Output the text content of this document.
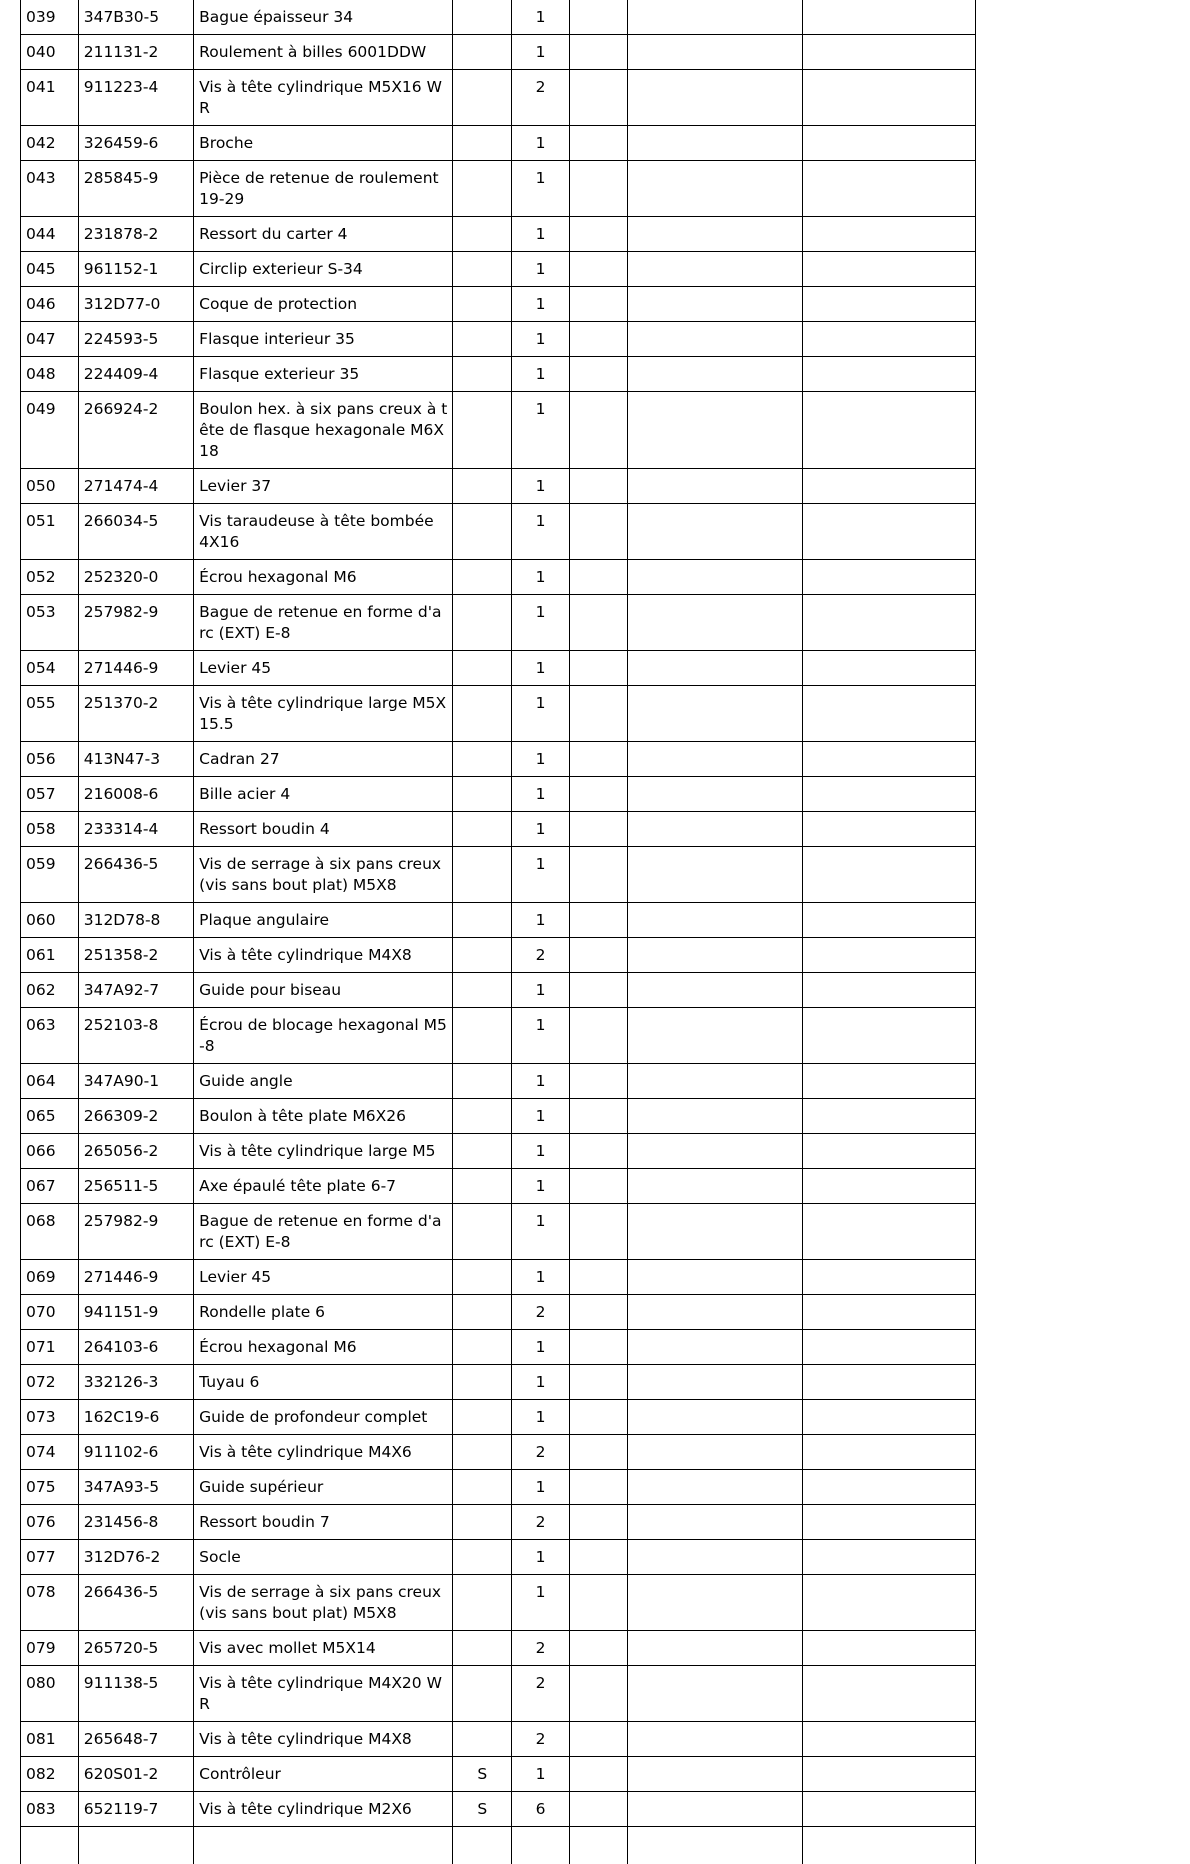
039	347B30-5	Bague épaisseur 34		1			
040	211131-2	Roulement à billes 6001DDW		1			
041	911223-4	Vis à tête cylindrique M5X16 WR		2			
042	326459-6	Broche		1			
043	285845-9	Pièce de retenue de roulement 19-29		1			
044	231878-2	Ressort du carter 4		1			
045	961152-1	Circlip exterieur S-34		1			
046	312D77-0	Coque de protection		1			
047	224593-5	Flasque interieur 35		1			
048	224409-4	Flasque exterieur 35		1			
049	266924-2	Boulon hex. à six pans creux à tête de flasque hexagonale M6X18		1			
050	271474-4	Levier 37		1			
051	266034-5	Vis taraudeuse à tête bombée 4X16		1			
052	252320-0	Écrou hexagonal M6		1			
053	257982-9	Bague de retenue en forme d'arc (EXT) E-8		1			
054	271446-9	Levier 45		1			
055	251370-2	Vis à tête cylindrique large M5X15.5		1			
056	413N47-3	Cadran 27		1			
057	216008-6	Bille acier 4		1			
058	233314-4	Ressort boudin 4		1			
059	266436-5	Vis de serrage à six pans creux (vis sans bout plat) M5X8		1			
060	312D78-8	Plaque angulaire		1			
061	251358-2	Vis à tête cylindrique M4X8		2			
062	347A92-7	Guide pour biseau		1			
063	252103-8	Écrou de blocage hexagonal M5-8		1			
064	347A90-1	Guide angle		1			
065	266309-2	Boulon à tête plate M6X26		1			
066	265056-2	Vis à tête cylindrique large M5		1			
067	256511-5	Axe épaulé tête plate 6-7		1			
068	257982-9	Bague de retenue en forme d'arc (EXT) E-8		1			
069	271446-9	Levier 45		1			
070	941151-9	Rondelle plate 6		2			
071	264103-6	Écrou hexagonal M6		1			
072	332126-3	Tuyau 6		1			
073	162C19-6	Guide de profondeur complet		1			
074	911102-6	Vis à tête cylindrique M4X6		2			
075	347A93-5	Guide supérieur		1			
076	231456-8	Ressort boudin 7		2			
077	312D76-2	Socle		1			
078	266436-5	Vis de serrage à six pans creux (vis sans bout plat) M5X8		1			
079	265720-5	Vis avec mollet M5X14		2			
080	911138-5	Vis à tête cylindrique M4X20 WR		2			
081	265648-7	Vis à tête cylindrique M4X8		2			
082	620S01-2	Contrôleur	S	1			
083	652119-7	Vis à tête cylindrique M2X6	S	6			
